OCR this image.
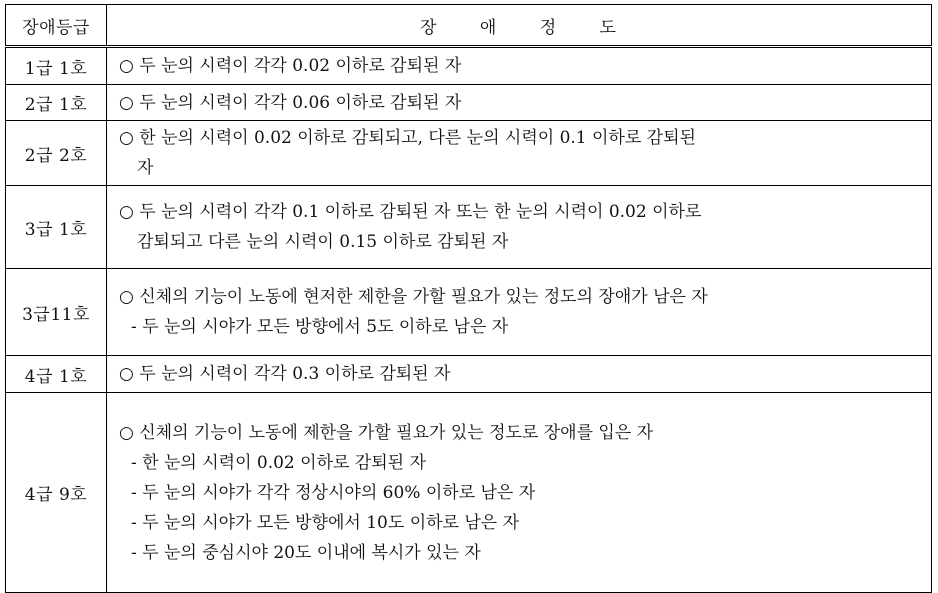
장애등급	장 애 정 도
1급 1호	○ 두 눈의 시력이 각각 0.02 이하로 감퇴된 자

2급 1호	○ 두 눈의 시력이 각각 0.06 이하로 감퇴된 자

2급 2호	○ 한 눈의 시력이 0.02 이하로 감퇴되고, 다른 눈의 시력이 0.1 이하로 감퇴된
자

3급 1호	○ 두 눈의 시력이 각각 0.1 이하로 감퇴된 자 또는 한 눈의 시력이 0.02 이하로
감퇴되고 다른 눈의 시력이 0.15 이하로 감퇴된 자

3급11호	○ 신체의 기능이 노동에 현저한 제한을 가할 필요가 있는 정도의 장애가 남은 자
- 두 눈의 시야가 모든 방향에서 5도 이하로 남은 자

4급 1호	○ 두 눈의 시력이 각각 0.3 이하로 감퇴된 자

4급 9호	○ 신체의 기능이 노동에 제한을 가할 필요가 있는 정도로 장애를 입은 자
- 한 눈의 시력이 0.02 이하로 감퇴된 자
- 두 눈의 시야가 각각 정상시야의 60% 이하로 남은 자
- 두 눈의 시야가 모든 방향에서 10도 이하로 남은 자
- 두 눈의 중심시야 20도 이내에 복시가 있는 자
